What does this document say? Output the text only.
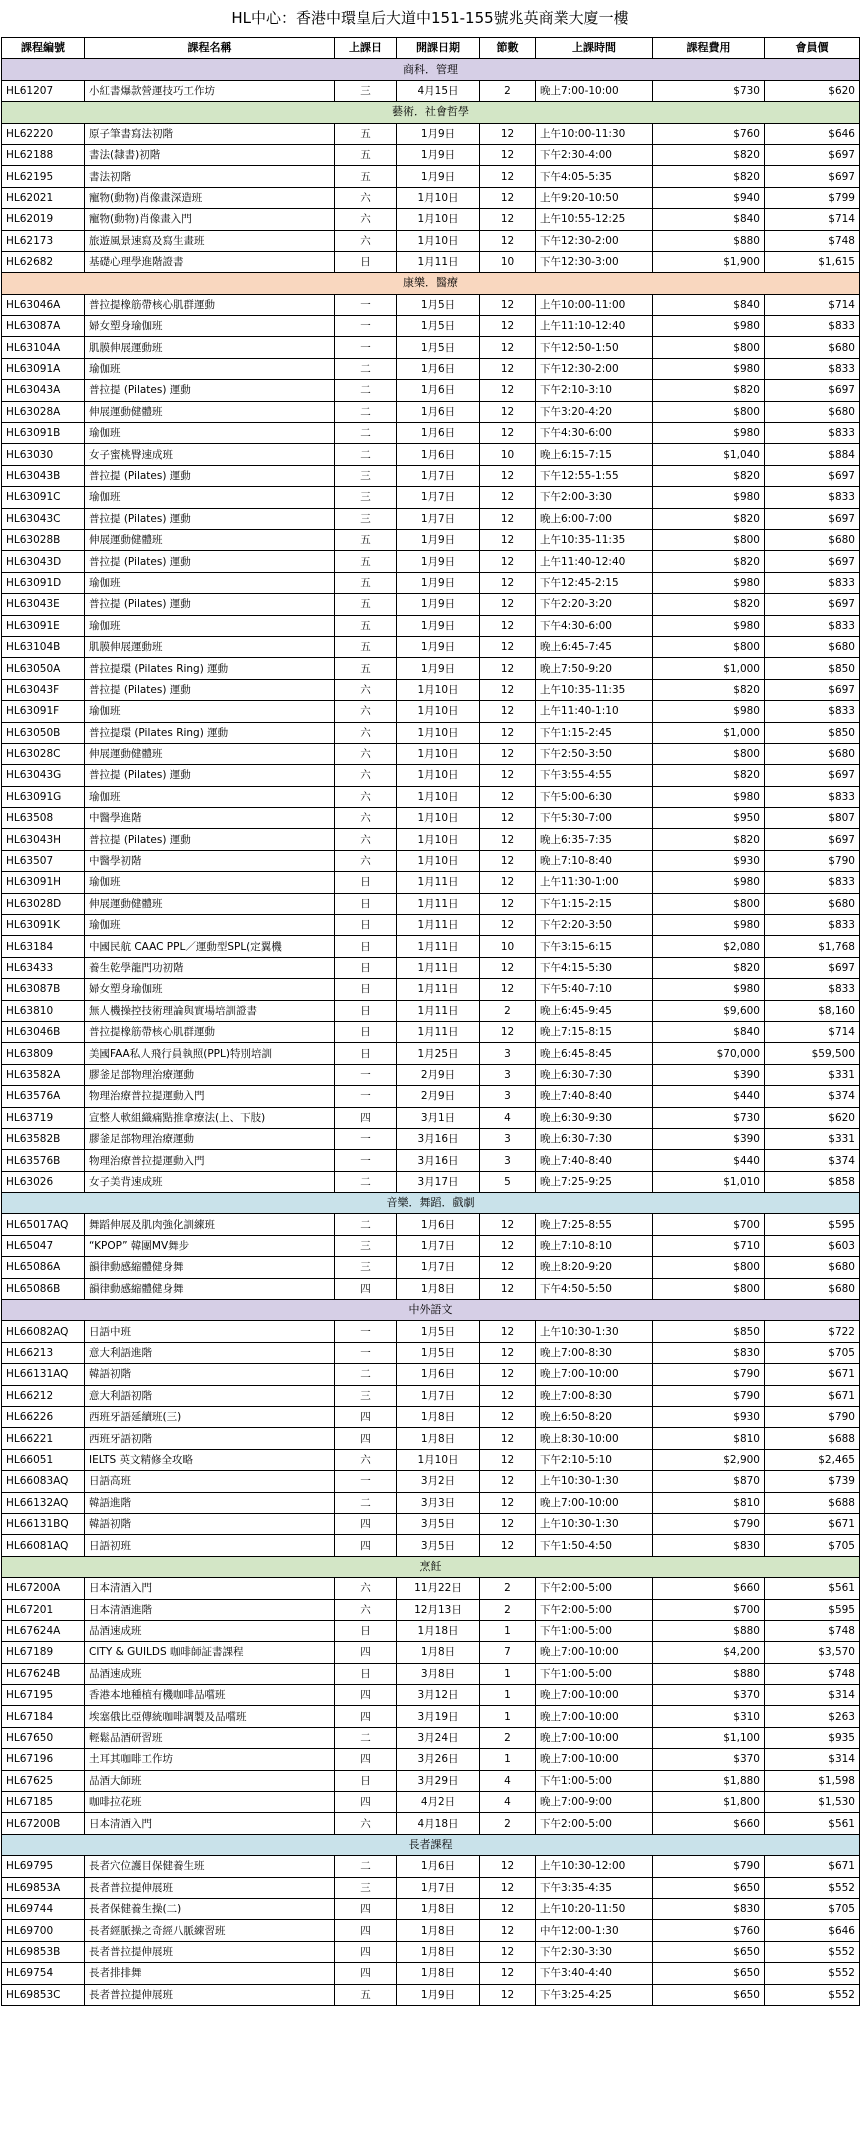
HL中心：香港中環皇后大道中151-155號兆英商業大廈一樓
課程編號	課程名稱	上課日	開課日期	節數	上課時間	課程費用	會員價
商科．管理							
HL61207	小紅書爆款營運技巧工作坊	三	4月15日	2	晚上7:00-10:00	$730	$620
藝術．社會哲學							
HL62220	原子筆書寫法初階	五	1月9日	12	上午10:00-11:30	$760	$646
HL62188	書法(隸書)初階	五	1月9日	12	下午2:30-4:00	$820	$697
HL62195	書法初階	五	1月9日	12	下午4:05-5:35	$820	$697
HL62021	寵物(動物)肖像畫深造班	六	1月10日	12	上午9:20-10:50	$940	$799
HL62019	寵物(動物)肖像畫入門	六	1月10日	12	上午10:55-12:25	$840	$714
HL62173	旅遊風景速寫及寫生畫班	六	1月10日	12	下午12:30-2:00	$880	$748
HL62682	基礎心理學進階證書	日	1月11日	10	下午12:30-3:00	$1,900	$1,615
康樂．醫療							
HL63046A	普拉提橡筋帶核心肌群運動	一	1月5日	12	上午10:00-11:00	$840	$714
HL63087A	婦女塑身瑜伽班	一	1月5日	12	上午11:10-12:40	$980	$833
HL63104A	肌膜伸展運動班	一	1月5日	12	下午12:50-1:50	$800	$680
HL63091A	瑜伽班	二	1月6日	12	下午12:30-2:00	$980	$833
HL63043A	普拉提 (Pilates) 運動	二	1月6日	12	下午2:10-3:10	$820	$697
HL63028A	伸展運動健體班	二	1月6日	12	下午3:20-4:20	$800	$680
HL63091B	瑜伽班	二	1月6日	12	下午4:30-6:00	$980	$833
HL63030	女子蜜桃臀速成班	二	1月6日	10	晚上6:15-7:15	$1,040	$884
HL63043B	普拉提 (Pilates) 運動	三	1月7日	12	下午12:55-1:55	$820	$697
HL63091C	瑜伽班	三	1月7日	12	下午2:00-3:30	$980	$833
HL63043C	普拉提 (Pilates) 運動	三	1月7日	12	晚上6:00-7:00	$820	$697
HL63028B	伸展運動健體班	五	1月9日	12	上午10:35-11:35	$800	$680
HL63043D	普拉提 (Pilates) 運動	五	1月9日	12	上午11:40-12:40	$820	$697
HL63091D	瑜伽班	五	1月9日	12	下午12:45-2:15	$980	$833
HL63043E	普拉提 (Pilates) 運動	五	1月9日	12	下午2:20-3:20	$820	$697
HL63091E	瑜伽班	五	1月9日	12	下午4:30-6:00	$980	$833
HL63104B	肌膜伸展運動班	五	1月9日	12	晚上6:45-7:45	$800	$680
HL63050A	普拉提環 (Pilates Ring) 運動	五	1月9日	12	晚上7:50-9:20	$1,000	$850
HL63043F	普拉提 (Pilates) 運動	六	1月10日	12	上午10:35-11:35	$820	$697
HL63091F	瑜伽班	六	1月10日	12	上午11:40-1:10	$980	$833
HL63050B	普拉提環 (Pilates Ring) 運動	六	1月10日	12	下午1:15-2:45	$1,000	$850
HL63028C	伸展運動健體班	六	1月10日	12	下午2:50-3:50	$800	$680
HL63043G	普拉提 (Pilates) 運動	六	1月10日	12	下午3:55-4:55	$820	$697
HL63091G	瑜伽班	六	1月10日	12	下午5:00-6:30	$980	$833
HL63508	中醫學進階	六	1月10日	12	下午5:30-7:00	$950	$807
HL63043H	普拉提 (Pilates) 運動	六	1月10日	12	晚上6:35-7:35	$820	$697
HL63507	中醫學初階	六	1月10日	12	晚上7:10-8:40	$930	$790
HL63091H	瑜伽班	日	1月11日	12	上午11:30-1:00	$980	$833
HL63028D	伸展運動健體班	日	1月11日	12	下午1:15-2:15	$800	$680
HL63091K	瑜伽班	日	1月11日	12	下午2:20-3:50	$980	$833
HL63184	中國民航 CAAC PPL／運動型SPL(定翼機	日	1月11日	10	下午3:15-6:15	$2,080	$1,768
HL63433	養生乾學龍門功初階	日	1月11日	12	下午4:15-5:30	$820	$697
HL63087B	婦女塑身瑜伽班	日	1月11日	12	下午5:40-7:10	$980	$833
HL63810	無人機操控技術理論與實場培訓證書	日	1月11日	2	晚上6:45-9:45	$9,600	$8,160
HL63046B	普拉提橡筋帶核心肌群運動	日	1月11日	12	晚上7:15-8:15	$840	$714
HL63809	美國FAA私人飛行員執照(PPL)特別培訓	日	1月25日	3	晚上6:45-8:45	$70,000	$59,500
HL63582A	膠釜足部物理治療運動	一	2月9日	3	晚上6:30-7:30	$390	$331
HL63576A	物理治療普拉提運動入門	一	2月9日	3	晚上7:40-8:40	$440	$374
HL63719	宣整人軟組織痛點推拿療法(上、下肢)	四	3月1日	4	晚上6:30-9:30	$730	$620
HL63582B	膠釜足部物理治療運動	一	3月16日	3	晚上6:30-7:30	$390	$331
HL63576B	物理治療普拉提運動入門	一	3月16日	3	晚上7:40-8:40	$440	$374
HL63026	女子美背速成班	二	3月17日	5	晚上7:25-9:25	$1,010	$858
音樂．舞蹈．戲劇							
HL65017AQ	舞蹈伸展及肌肉強化訓練班	二	1月6日	12	晚上7:25-8:55	$700	$595
HL65047	“KPOP” 韓團MV舞步	三	1月7日	12	晚上7:10-8:10	$710	$603
HL65086A	韻律動感縮體健身舞	三	1月7日	12	晚上8:20-9:20	$800	$680
HL65086B	韻律動感縮體健身舞	四	1月8日	12	下午4:50-5:50	$800	$680
中外語文							
HL66082AQ	日語中班	一	1月5日	12	上午10:30-1:30	$850	$722
HL66213	意大利語進階	一	1月5日	12	晚上7:00-8:30	$830	$705
HL66131AQ	韓語初階	二	1月6日	12	晚上7:00-10:00	$790	$671
HL66212	意大利語初階	三	1月7日	12	晚上7:00-8:30	$790	$671
HL66226	西班牙語延續班(三)	四	1月8日	12	晚上6:50-8:20	$930	$790
HL66221	西班牙語初階	四	1月8日	12	晚上8:30-10:00	$810	$688
HL66051	IELTS 英文精修全攻略	六	1月10日	12	下午2:10-5:10	$2,900	$2,465
HL66083AQ	日語高班	一	3月2日	12	上午10:30-1:30	$870	$739
HL66132AQ	韓語進階	二	3月3日	12	晚上7:00-10:00	$810	$688
HL66131BQ	韓語初階	四	3月5日	12	上午10:30-1:30	$790	$671
HL66081AQ	日語初班	四	3月5日	12	下午1:50-4:50	$830	$705
烹飪							
HL67200A	日本清酒入門	六	11月22日	2	下午2:00-5:00	$660	$561
HL67201	日本清酒進階	六	12月13日	2	下午2:00-5:00	$700	$595
HL67624A	品酒速成班	日	1月18日	1	下午1:00-5:00	$880	$748
HL67189	CITY & GUILDS 咖啡師証書課程	四	1月8日	7	晚上7:00-10:00	$4,200	$3,570
HL67624B	品酒速成班	日	3月8日	1	下午1:00-5:00	$880	$748
HL67195	香港本地種植有機咖啡品嚐班	四	3月12日	1	晚上7:00-10:00	$370	$314
HL67184	埃塞俄比亞傳統咖啡調製及品嚐班	四	3月19日	1	晚上7:00-10:00	$310	$263
HL67650	輕鬆品酒研習班	二	3月24日	2	晚上7:00-10:00	$1,100	$935
HL67196	土耳其咖啡工作坊	四	3月26日	1	晚上7:00-10:00	$370	$314
HL67625	品酒大師班	日	3月29日	4	下午1:00-5:00	$1,880	$1,598
HL67185	咖啡拉花班	四	4月2日	4	晚上7:00-9:00	$1,800	$1,530
HL67200B	日本清酒入門	六	4月18日	2	下午2:00-5:00	$660	$561
長者課程							
HL69795	長者穴位護目保健養生班	二	1月6日	12	上午10:30-12:00	$790	$671
HL69853A	長者普拉提伸展班	三	1月7日	12	下午3:35-4:35	$650	$552
HL69744	長者保健養生操(二)	四	1月8日	12	上午10:20-11:50	$830	$705
HL69700	長者經脈操之奇經八脈練習班	四	1月8日	12	中午12:00-1:30	$760	$646
HL69853B	長者普拉提伸展班	四	1月8日	12	下午2:30-3:30	$650	$552
HL69754	長者排排舞	四	1月8日	12	下午3:40-4:40	$650	$552
HL69853C	長者普拉提伸展班	五	1月9日	12	下午3:25-4:25	$650	$552
